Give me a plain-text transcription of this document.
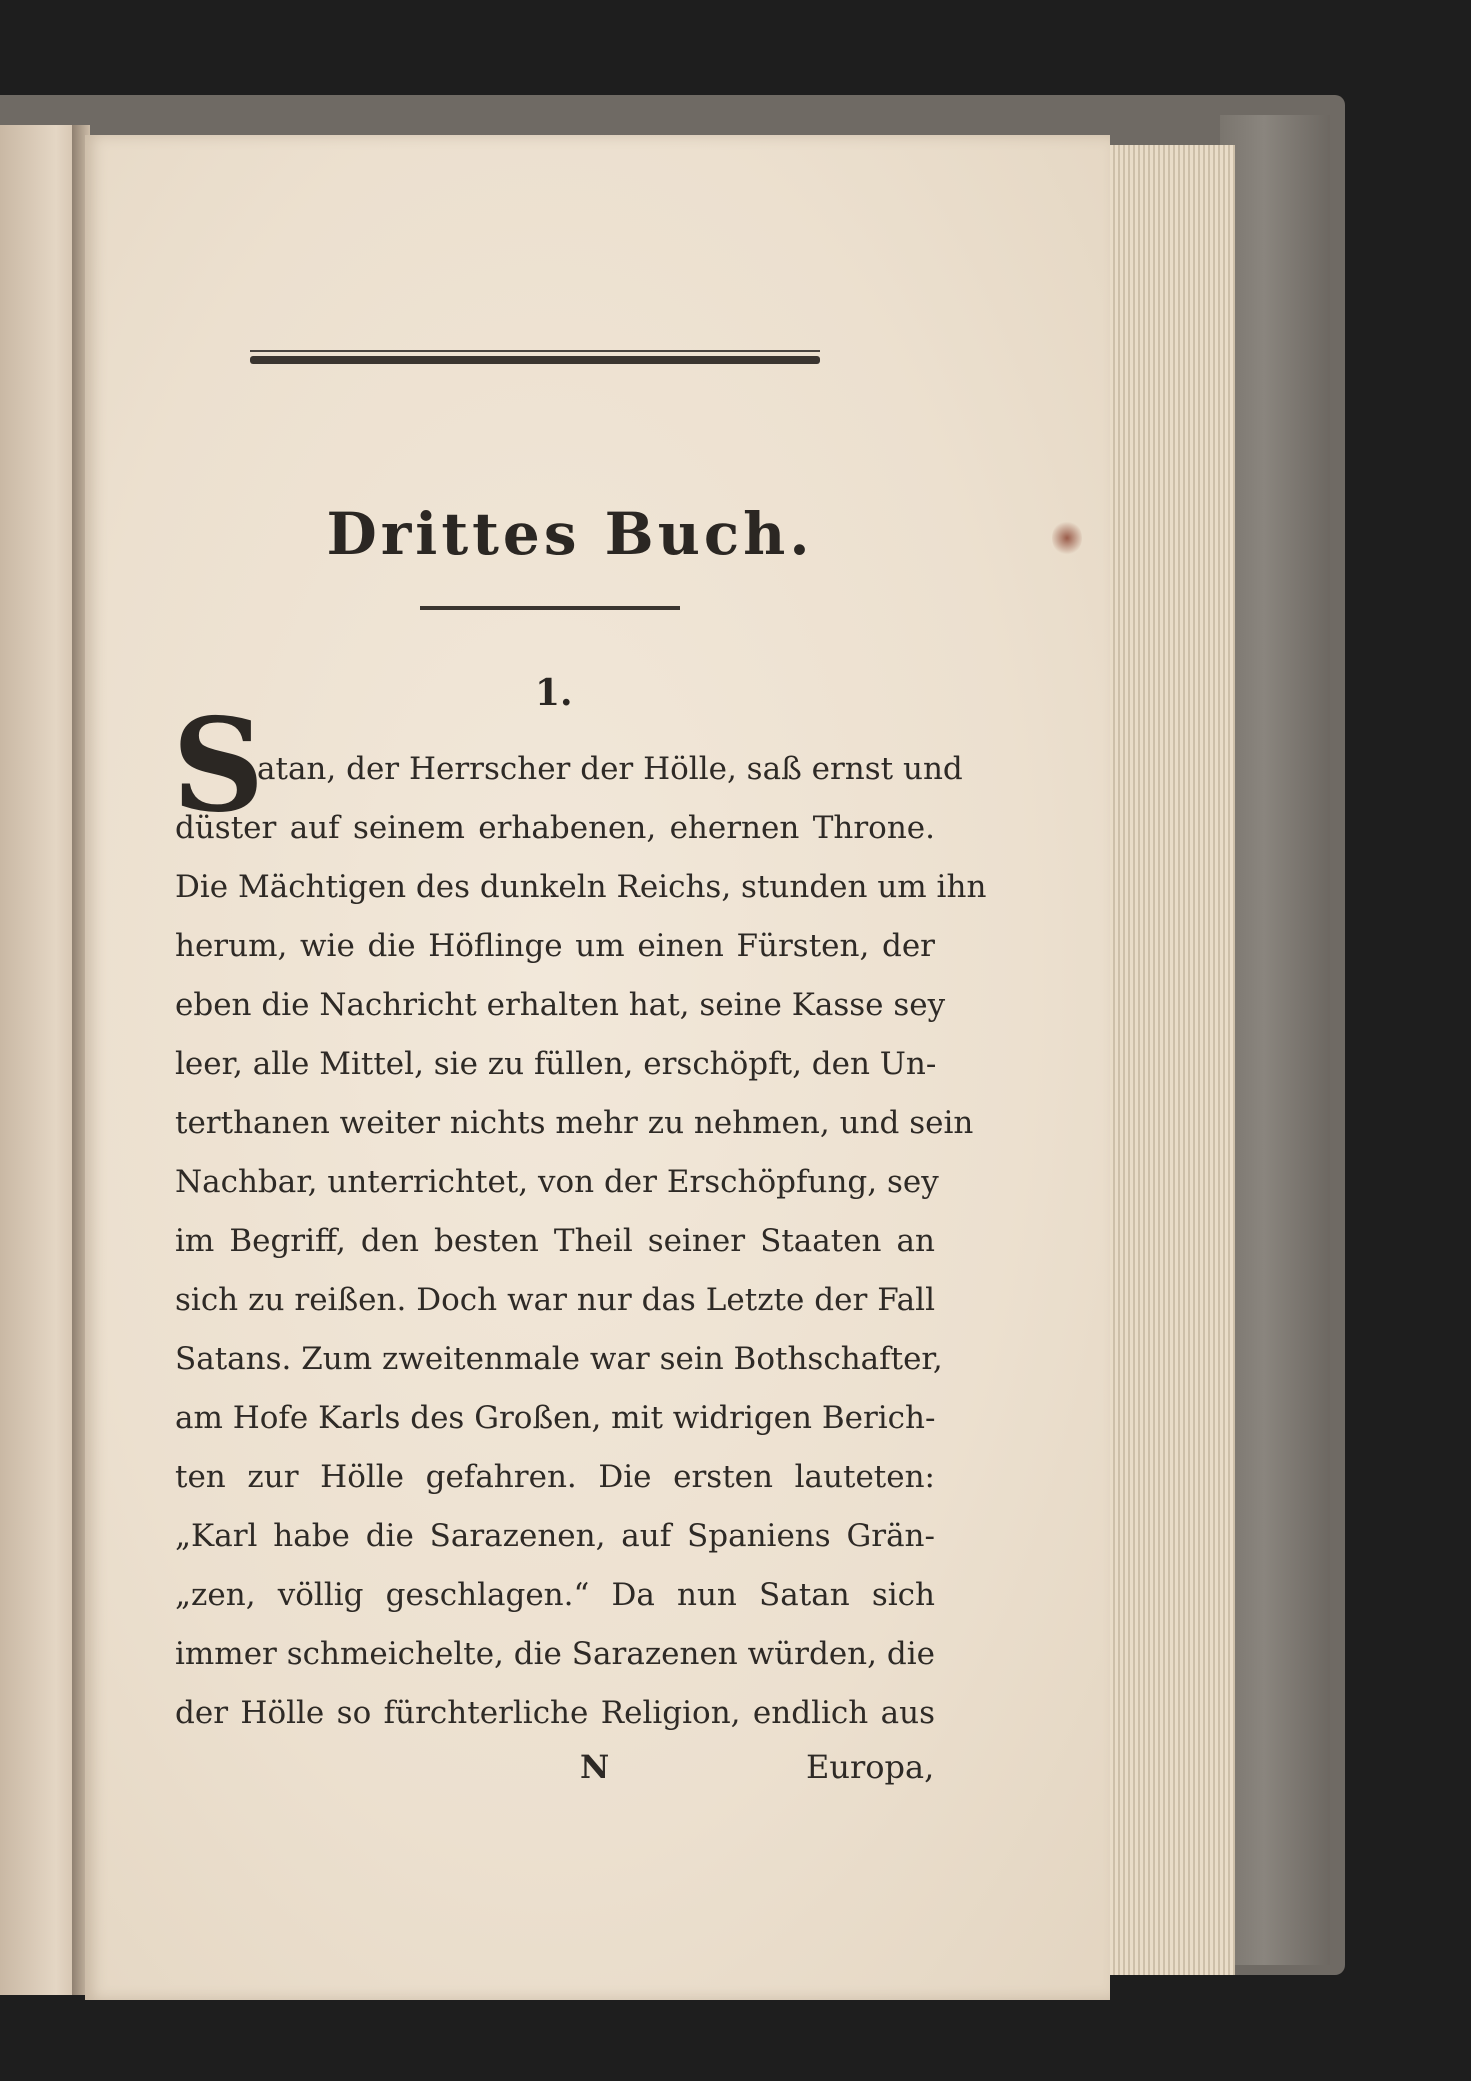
Drittes Buch.
1.
S
atan, der Herrscher der Hölle, saß ernst und
düster auf seinem erhabenen, ehernen Throne.
Die Mächtigen des dunkeln Reichs, stunden um ihn
herum, wie die Höflinge um einen Fürsten, der
eben die Nachricht erhalten hat, seine Kasse sey
leer, alle Mittel, sie zu füllen, erschöpft, den Un-
terthanen weiter nichts mehr zu nehmen, und sein
Nachbar, unterrichtet, von der Erschöpfung, sey
im Begriff, den besten Theil seiner Staaten an
sich zu reißen. Doch war nur das Letzte der Fall
Satans. Zum zweitenmale war sein Bothschafter,
am Hofe Karls des Großen, mit widrigen Berich-
ten zur Hölle gefahren. Die ersten lauteten:
„Karl habe die Sarazenen, auf Spaniens Grän-
„zen, völlig geschlagen.“ Da nun Satan sich
immer schmeichelte, die Sarazenen würden, die
der Hölle so fürchterliche Religion, endlich aus
N	Europa,
